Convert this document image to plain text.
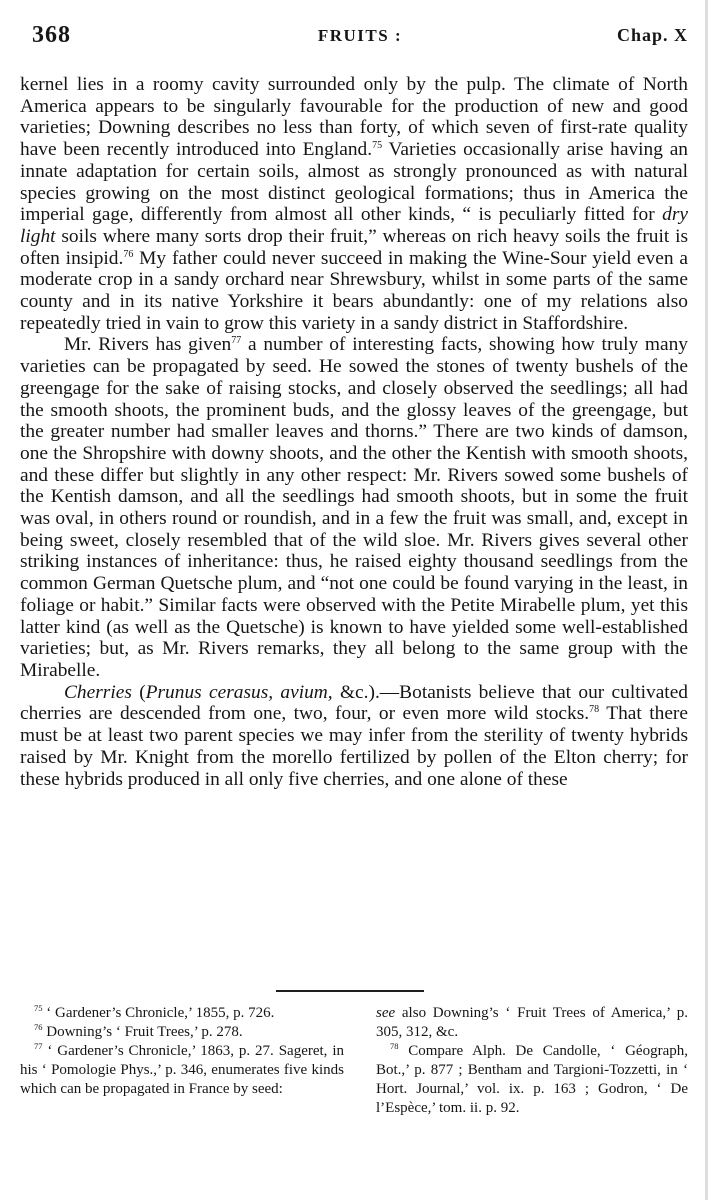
368	FRUITS :	Chap. X

kernel lies in a roomy cavity surrounded only by the pulp. The climate of North America appears to be singularly favourable for the production of new and good varieties; Downing describes no less than forty, of which seven of first-rate quality have been recently introduced into England.$^{75}$ Varieties occasionally arise having an innate adaptation for certain soils, almost as strongly pronounced as with natural species growing on the most distinct geological formations; thus in America the imperial gage, differently from almost all other kinds, “ is peculiarly fitted for dry light soils where many sorts drop their fruit,” whereas on rich heavy soils the fruit is often insipid.$^{76}$ My father could never succeed in making the Wine-Sour yield even a moderate crop in a sandy orchard near Shrewsbury, whilst in some parts of the same county and in its native Yorkshire it bears abundantly: one of my relations also repeatedly tried in vain to grow this variety in a sandy district in Staffordshire.

Mr. Rivers has given$^{77}$ a number of interesting facts, showing how truly many varieties can be propagated by seed. He sowed the stones of twenty bushels of the greengage for the sake of raising stocks, and closely observed the seedlings; all had the smooth shoots, the prominent buds, and the glossy leaves of the greengage, but the greater number had smaller leaves and thorns.” There are two kinds of damson, one the Shropshire with downy shoots, and the other the Kentish with smooth shoots, and these differ but slightly in any other respect: Mr. Rivers sowed some bushels of the Kentish damson, and all the seedlings had smooth shoots, but in some the fruit was oval, in others round or roundish, and in a few the fruit was small, and, except in being sweet, closely resembled that of the wild sloe. Mr. Rivers gives several other striking instances of inheritance: thus, he raised eighty thousand seedlings from the common German Quetsche plum, and “not one could be found varying in the least, in foliage or habit.” Similar facts were observed with the Petite Mirabelle plum, yet this latter kind (as well as the Quetsche) is known to have yielded some well-established varieties; but, as Mr. Rivers remarks, they all belong to the same group with the Mirabelle.

Cherries (Prunus cerasus, avium, &c.).—Botanists believe that our cultivated cherries are descended from one, two, four, or even more wild stocks.$^{78}$ That there must be at least two parent species we may infer from the sterility of twenty hybrids raised by Mr. Knight from the morello fertilized by pollen of the Elton cherry; for these hybrids produced in all only five cherries, and one alone of these

$^{75}$ ‘ Gardener’s Chronicle,’ 1855, p. 726.

$^{76}$ Downing’s ‘ Fruit Trees,’ p. 278.

$^{77}$ ‘ Gardener’s Chronicle,’ 1863, p. 27. Sageret, in his ‘ Pomologie Phys.,’ p. 346, enumerates five kinds which can be propagated in France by seed:

see also Downing’s ‘ Fruit Trees of America,’ p. 305, 312, &c.

$^{78}$ Compare Alph. De Candolle, ‘ Géograph, Bot.,’ p. 877 ; Bentham and Targioni-Tozzetti, in ‘ Hort. Journal,’ vol. ix. p. 163 ; Godron, ‘ De l’Espèce,’ tom. ii. p. 92.
